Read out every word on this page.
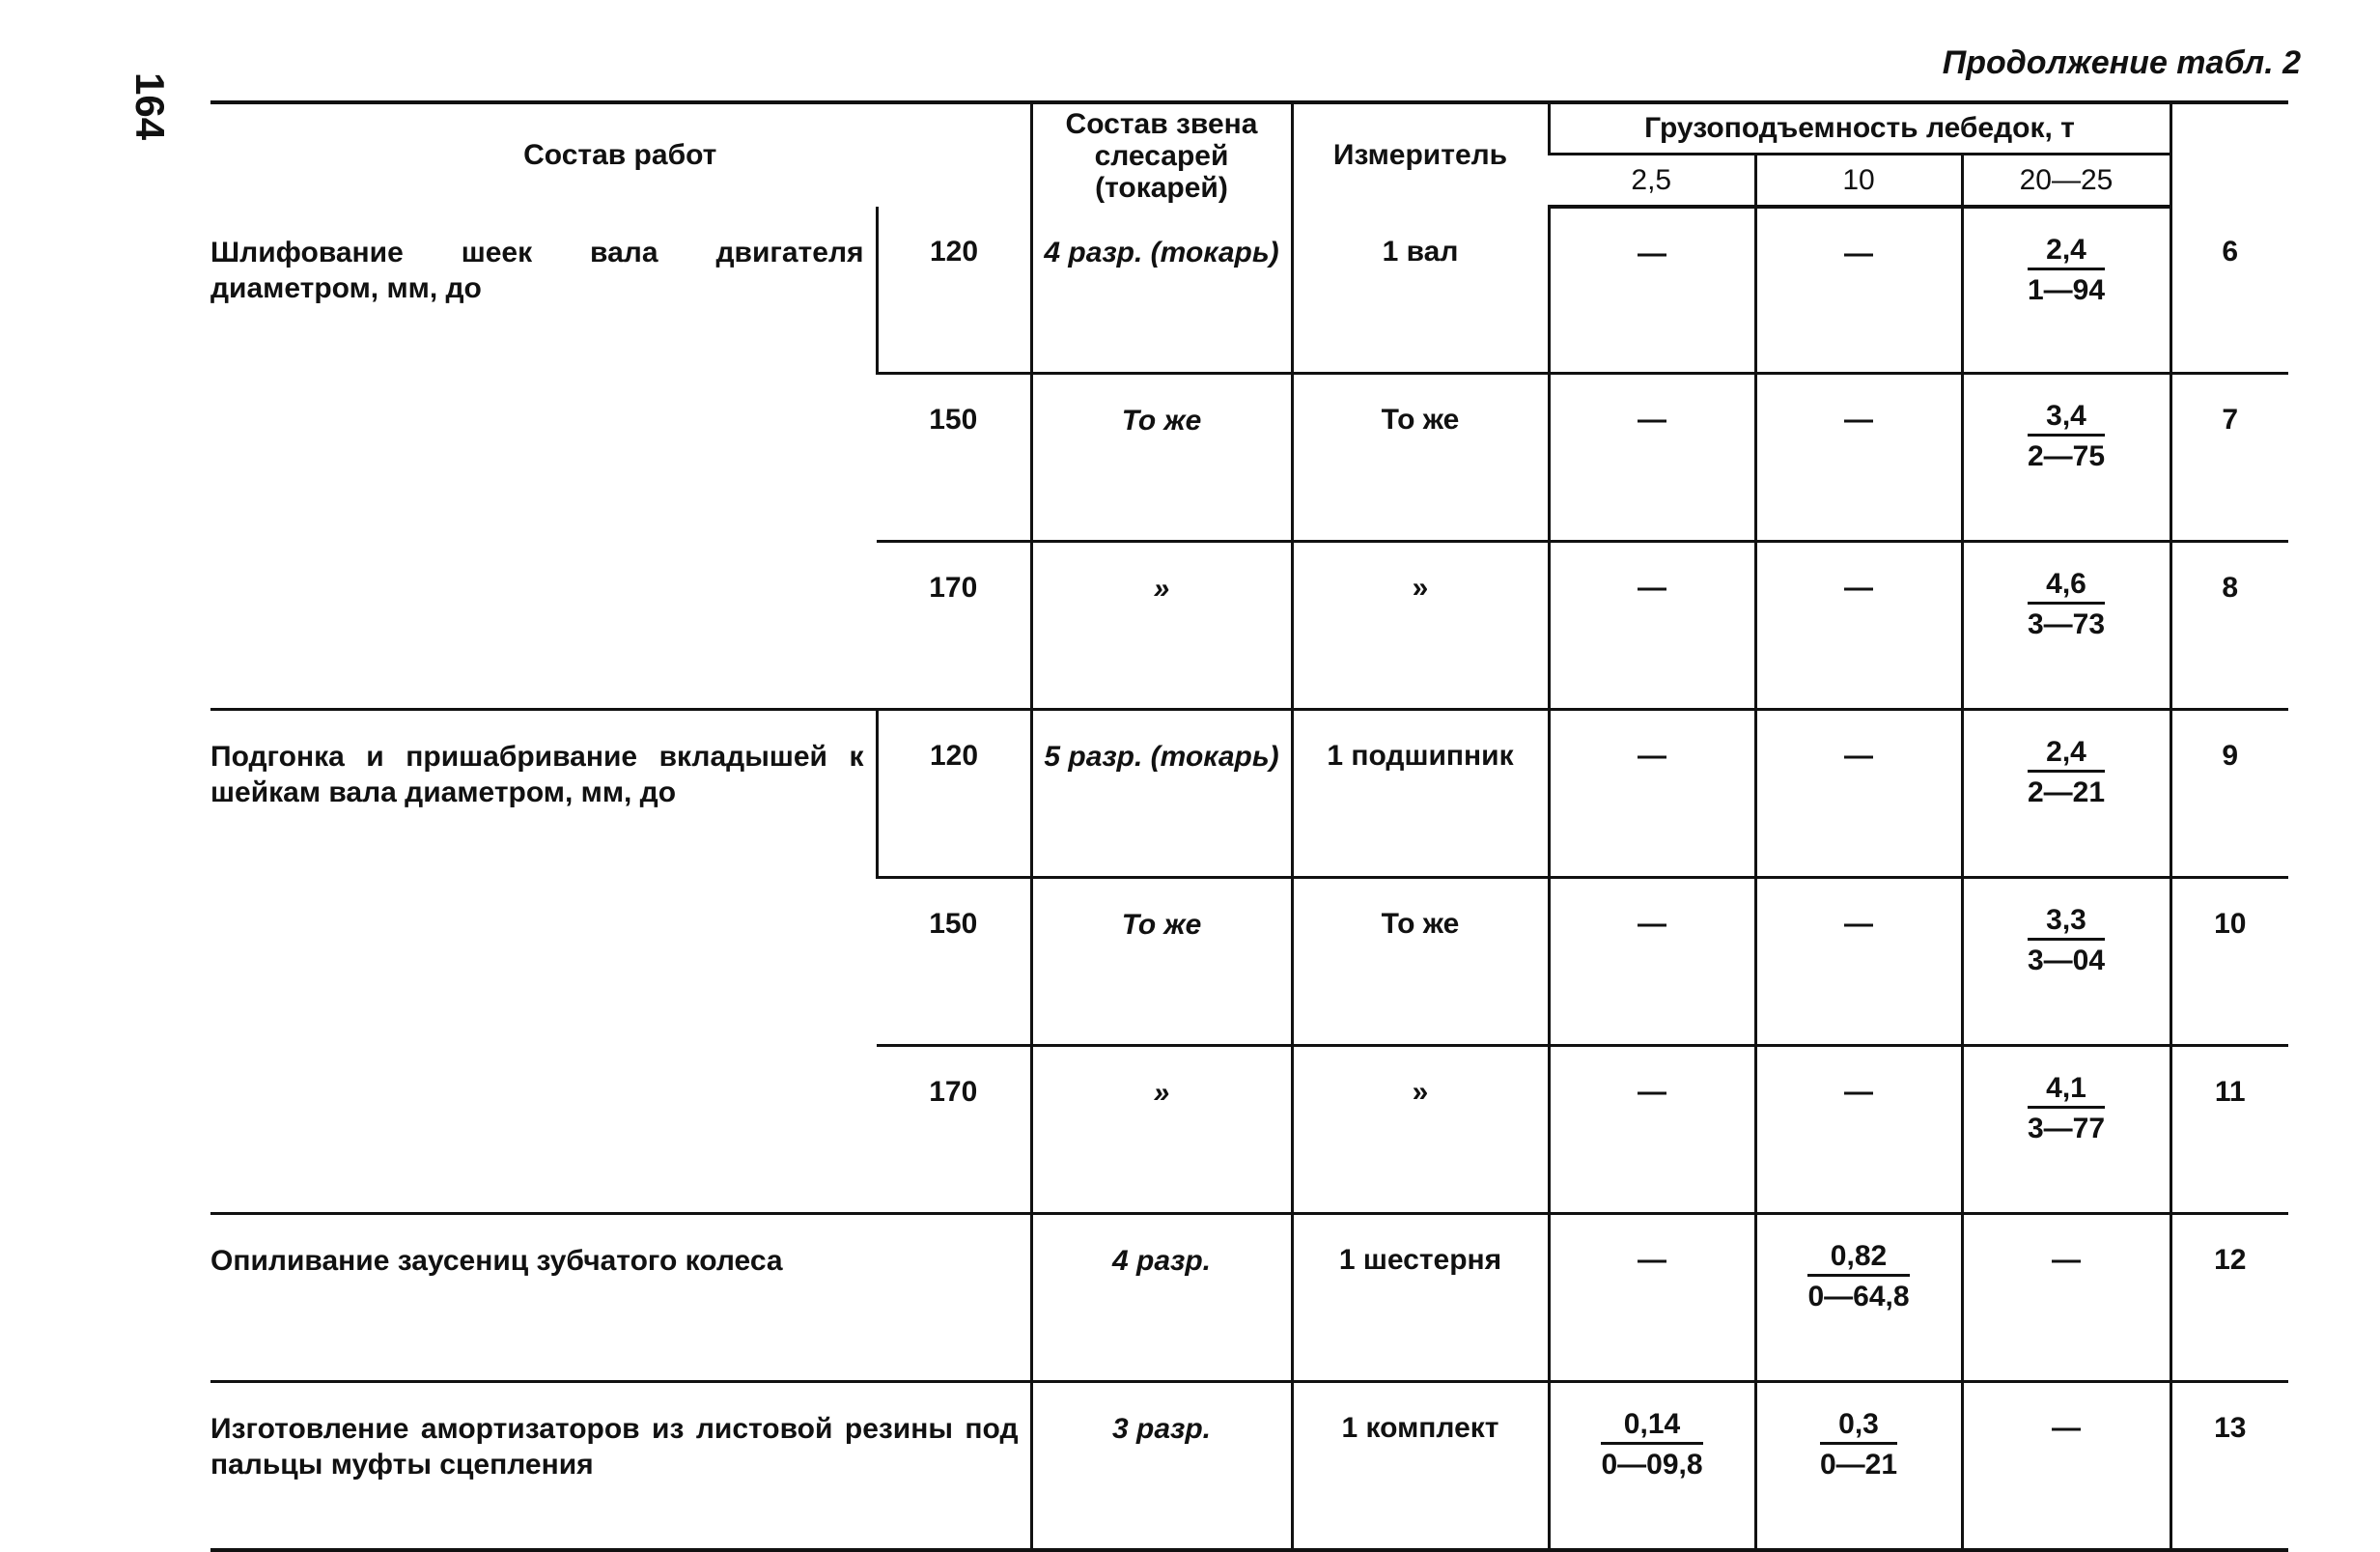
164
Продолжение табл. 2
Состав работ		Состав звена слесарей (токарей)	Измеритель	Грузоподъемность лебедок, т			
				2,5	10	20—25	
Шлифование шеек вала двигателя диаметром, мм, до	120	4 разр. (токарь)	1 вал	—	—	$\frac{2,4}{1—94}$	6
	150	То же	То же	—	—	$\frac{3,4}{2—75}$	7
	170	»	»	—	—	$\frac{4,6}{3—73}$	8
Подгонка и пришабривание вкладышей к шейкам вала диаметром, мм, до	120	5 разр. (токарь)	1 подшипник	—	—	$\frac{2,4}{2—21}$	9
	150	То же	То же	—	—	$\frac{3,3}{3—04}$	10
	170	»	»	—	—	$\frac{4,1}{3—77}$	11
Опиливание заусениц зубчатого колеса		4 разр.	1 шестерня	—	$\frac{0,82}{0—64,8}$	—	12
Изготовление амортизаторов из листовой резины под пальцы муфты сцепления		3 разр.	1 комплект	$\frac{0,14}{0—09,8}$	$\frac{0,3}{0—21}$	—	13
